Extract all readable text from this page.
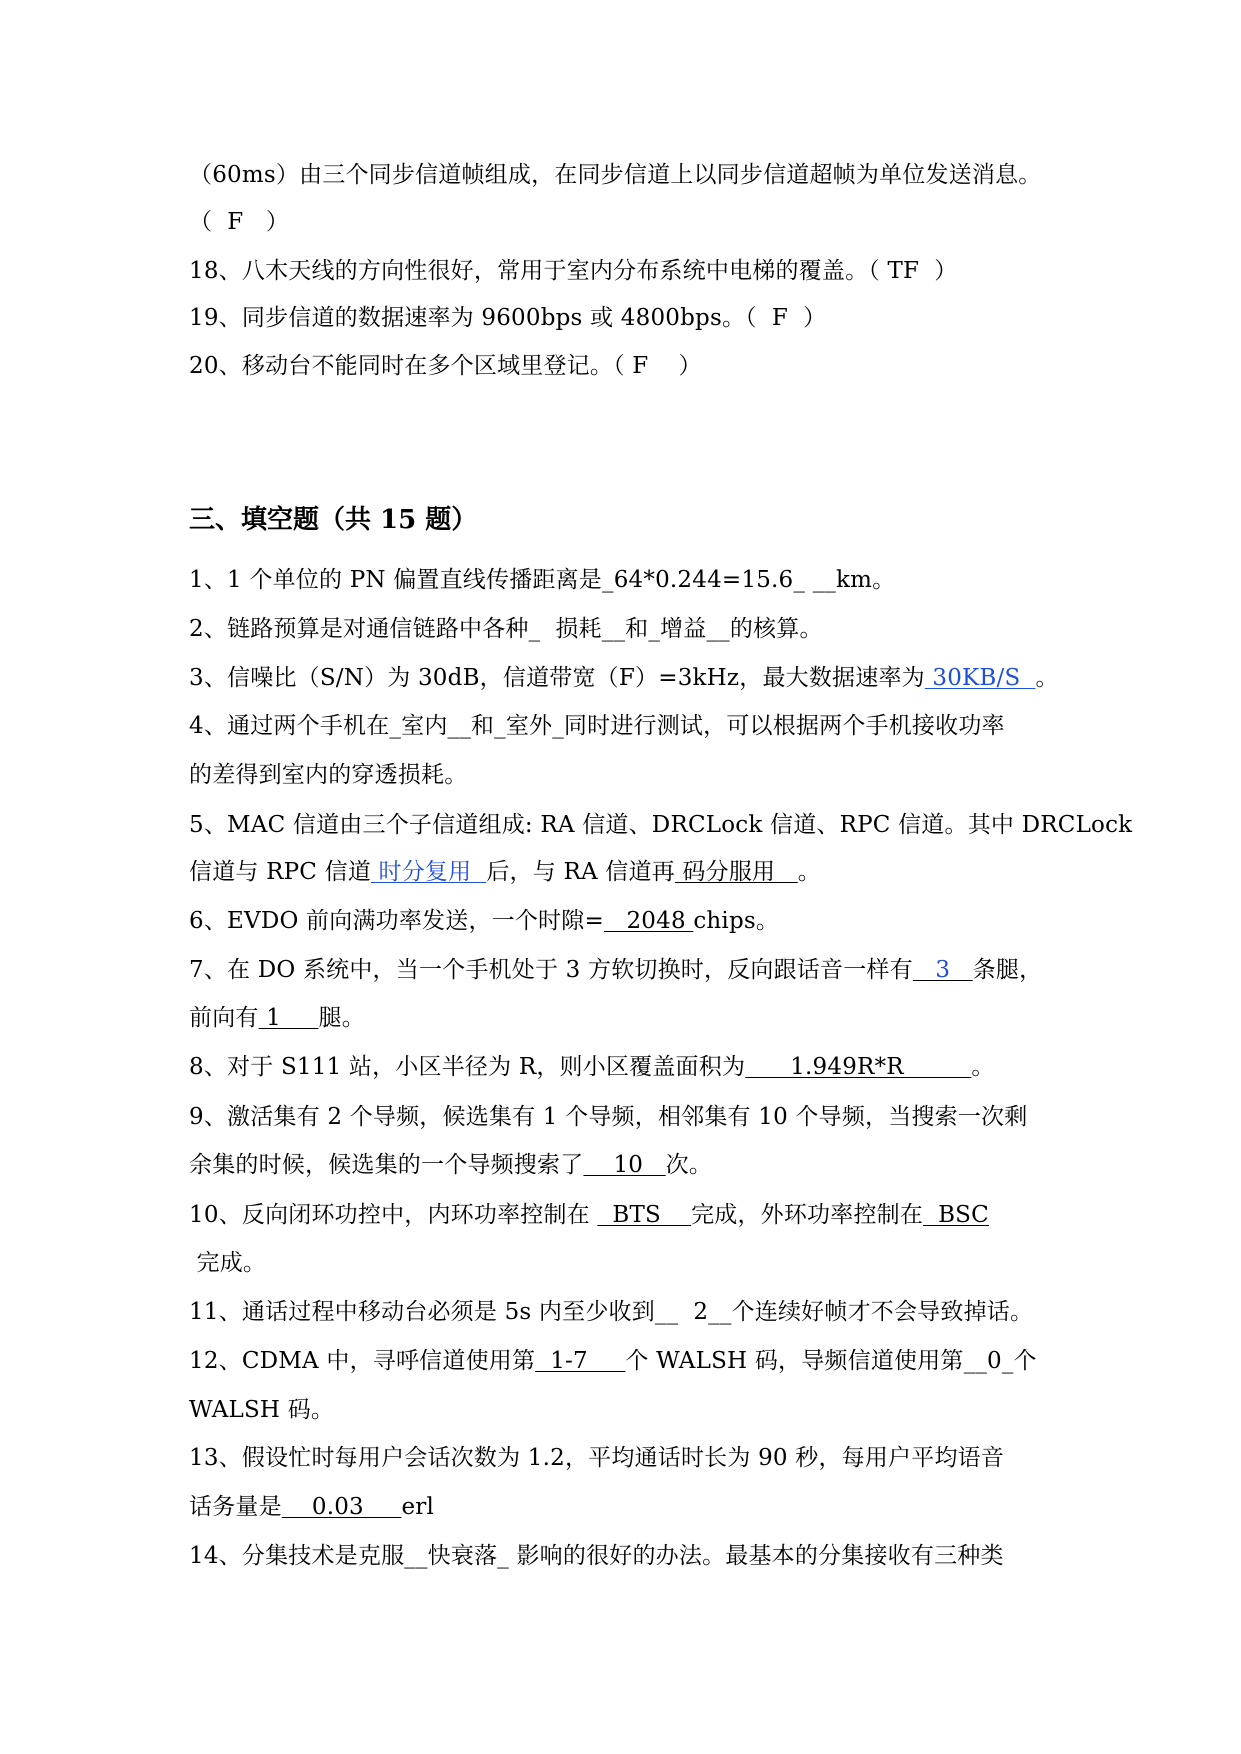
（60ms）由三个同步信道帧组成，在同步信道上以同步信道超帧为单位发送消息。
（  F   ）
18、八木天线的方向性很好，常用于室内分布系统中电梯的覆盖。（ TF  ）
19、同步信道的数据速率为 9600bps 或 4800bps。（  F  ）
20、移动台不能同时在多个区域里登记。（ F    ）
三、填空题（共 15 题）
1、1 个单位的 PN 偏置直线传播距离是_64*0.244=15.6_ __km。
2、链路预算是对通信链路中各种_  损耗__和_增益__的核算。
3、信噪比（S/N）为 30dB，信道带宽（F）=3kHz，最大数据速率为 30KB/S  。
4、通过两个手机在_室内__和_室外_同时进行测试，可以根据两个手机接收功率
的差得到室内的穿透损耗。
5、MAC 信道由三个子信道组成: RA 信道、DRCLock 信道、RPC 信道。其中 DRCLock
信道与 RPC 信道 时分复用  后，与 RA 信道再 码分服用   。
6、EVDO 前向满功率发送，一个时隙=   2048 chips。
7、在 DO 系统中，当一个手机处于 3 方软切换时，反向跟话音一样有   3   条腿，
前向有 1     腿。
8、对于 S111 站，小区半径为 R，则小区覆盖面积为      1.949R*R         。
9、激活集有 2 个导频，候选集有 1 个导频，相邻集有 10 个导频，当搜索一次剩
余集的时候，候选集的一个导频搜索了    10   次。
10、反向闭环功控中，内环功率控制在   BTS    完成，外环功率控制在  BSC
完成。
11、通话过程中移动台必须是 5s 内至少收到__  2__个连续好帧才不会导致掉话。
12、CDMA 中，寻呼信道使用第  1-7     个 WALSH 码，导频信道使用第__0_个
WALSH 码。
13、假设忙时每用户会话次数为 1.2，平均通话时长为 90 秒，每用户平均语音
话务量是    0.03     erl
14、分集技术是克服__快衰落_ 影响的很好的办法。最基本的分集接收有三种类
